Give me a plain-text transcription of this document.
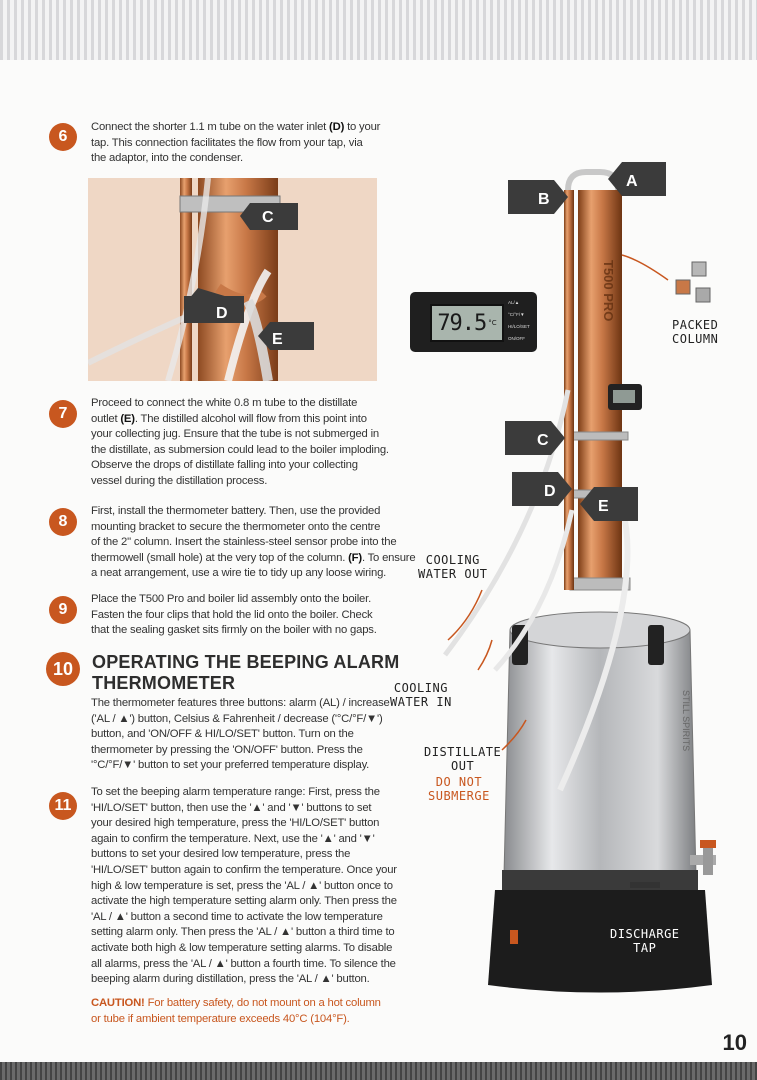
6
Connect the shorter 1.1 m tube on the water inlet (D) to your
tap. This connection facilitates the flow from your tap, via
the adaptor, into the condenser.
C
D
E
7
Proceed to connect the white 0.8 m tube to the distillate
outlet (E). The distilled alcohol will flow from this point into
your collecting jug. Ensure that the tube is not submerged in
the distillate, as submersion could lead to the boiler imploding.
Observe the drops of distillate falling into your collecting
vessel during the distillation process.
8
First, install the thermometer battery. Then, use the provided
mounting bracket to secure the thermometer onto the centre
of the 2" column. Insert the stainless-steel sensor probe into the
thermowell (small hole) at the very top of the column. (F). To ensure
a neat arrangement, use a wire tie to tidy up any loose wiring.
9
Place the T500 Pro and boiler lid assembly onto the boiler.
Fasten the four clips that hold the lid onto the boiler. Check
that the sealing gasket sits firmly on the boiler with no gaps.
10	OPERATING THE BEEPING ALARM
THERMOMETER
The thermometer features three buttons: alarm (AL) / increase
('AL / ▲') button, Celsius & Fahrenheit / decrease ('°C/°F/▼')
button, and 'ON/OFF & HI/LO/SET' button. Turn on the
thermometer by pressing the 'ON/OFF' button. Press the
'°C/°F/▼' button to set your preferred temperature display.
11
To set the beeping alarm temperature range: First, press the
'HI/LO/SET' button, then use the '▲' and '▼' buttons to set
your desired high temperature, press the 'HI/LO/SET' button
again to confirm the temperature. Next, use the '▲' and '▼'
buttons to set your desired low temperature, press the
'HI/LO/SET' button again to confirm the temperature. Once your
high & low temperature is set, press the 'AL / ▲' button once to
activate the high temperature setting alarm only. Then press the
'AL / ▲' button a second time to activate the low temperature
setting alarm only. Then press the 'AL / ▲' button a third time to
activate both high & low temperature setting alarms. To disable
all alarms, press the 'AL / ▲' button a fourth time. To silence the
beeping alarm during distillation, press the 'AL / ▲' button.
CAUTION! For battery safety, do not mount on a hot column
or tube if ambient temperature exceeds 40°C (104°F).
T500 PRO
STILL SPIRITS
A
B
C
D
E
79.5 °C
AL/▲
°C/°F/▼
HI/LO/SET
ON/OFF
PACKED
COLUMN
COOLING
WATER OUT
COOLING
WATER IN
DISTILLATE
OUT
DO NOT
SUBMERGE
DISCHARGE
TAP
10
